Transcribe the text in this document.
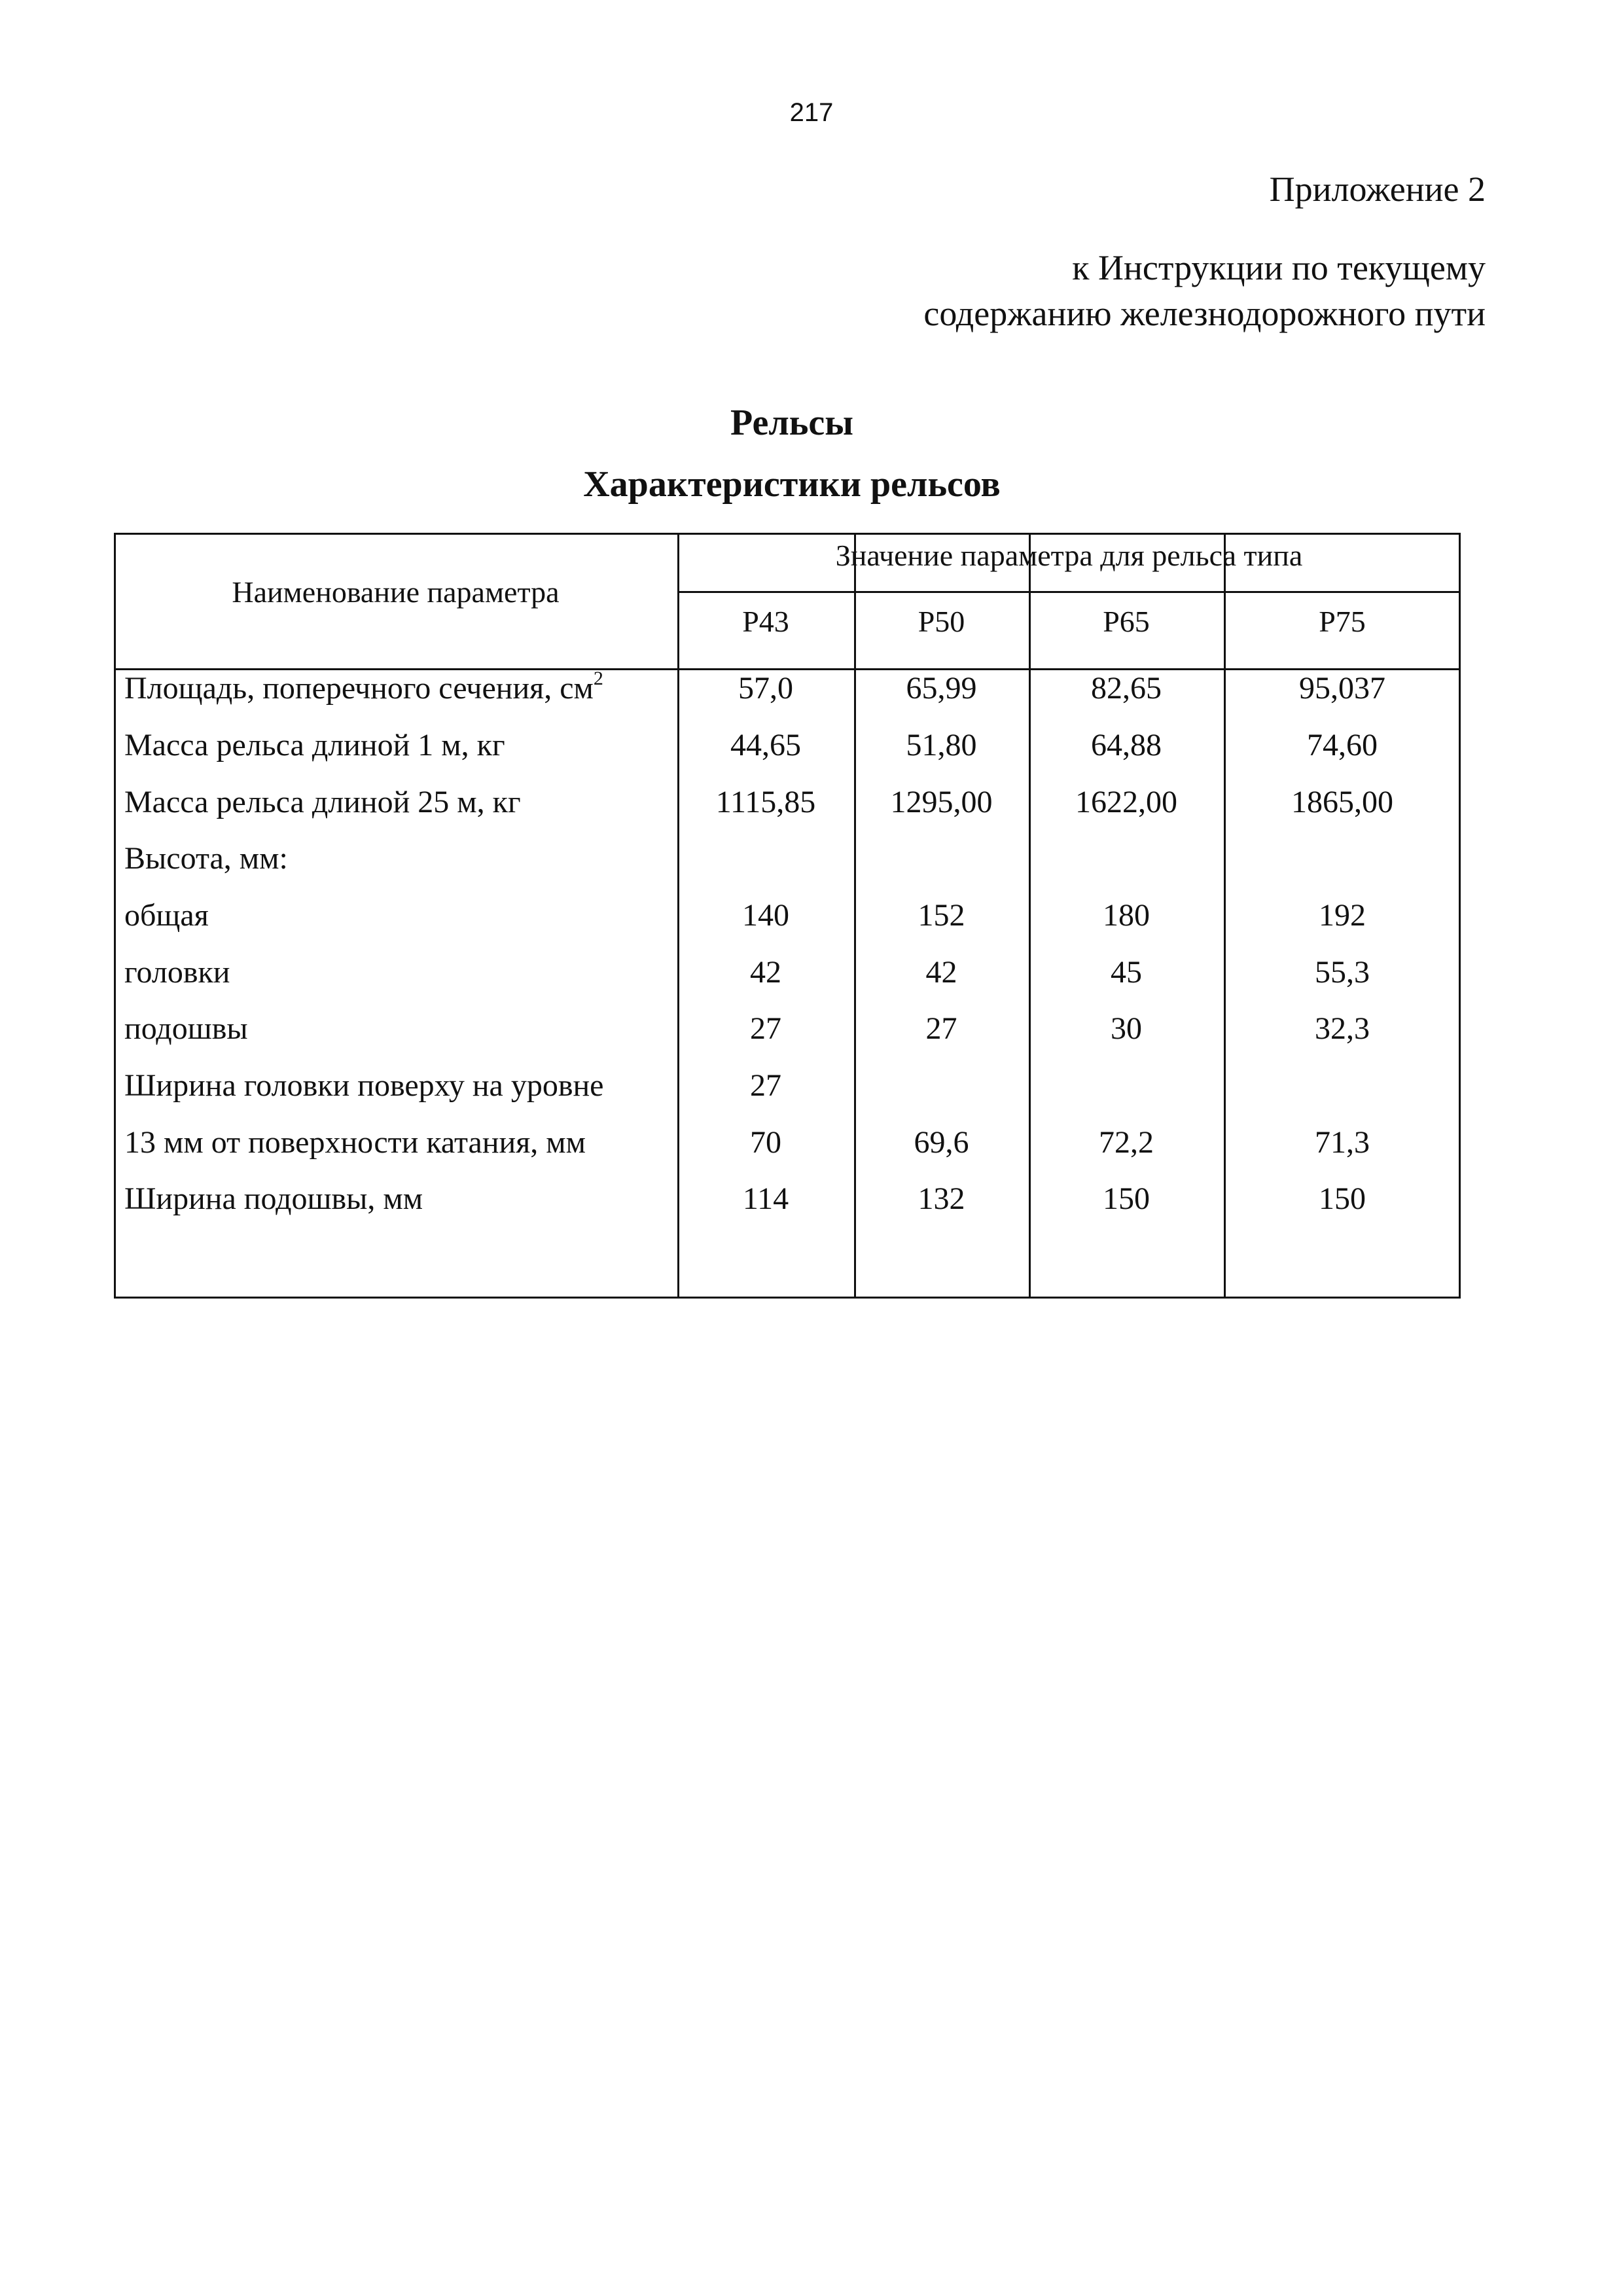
217
Приложение 2
к Инструкции по текущему
содержанию железнодорожного пути
Рельсы
Характеристики рельсов
Наименование параметра
Значение параметра для рельса типа
Р43	Р50	Р65	Р75
Площадь, поперечного сечения, $см^2$	57,0	65,99	82,65	95,037
Масса рельса длиной 1 м, кг	44,65	51,80	64,88	74,60
Масса рельса длиной 25 м, кг	1115,85	1295,00	1622,00	1865,00
Высота, мм:
общая	140	152	180	192
головки	42	42	45	55,3
подошвы	27	27	30	32,3
Ширина головки поверху на уровне	27
13 мм от поверхности катания, мм	70	69,6	72,2	71,3
Ширина подошвы, мм	114	132	150	150
